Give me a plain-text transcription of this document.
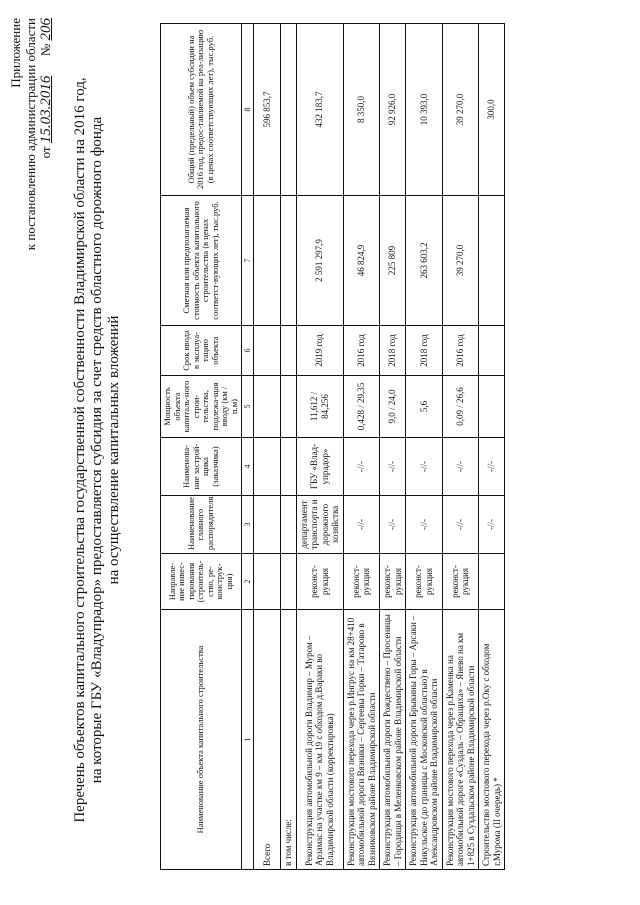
Приложение к постановлению администрации области от 15.03.2016      № 206
Перечень объектов капитального строительства государственной собственности Владимирской области на 2016 год, на которые ГБУ «Владупрадор» предоставляется субсидия за счет средств областного дорожного фонда на осуществление капитальных вложений
Наименование объекта капитального строительства	Направле-ние инвес-тирования (строитель-ство, ре-конструк-ция)	Наименование главного распорядителя	Наименова-ние застрой-щика (заказчика)	Мощность объекта капиталь-ного строи-тельства, подлежа-щая вводу (км / п.м)	Срок ввода в эксплуа-тацию объекта	Сметная или предполагаемая стоимость объекта капитального строительства (в ценах соответст-вующих лет), тыс.руб.	Общий (предельный) объем субсидии на 2016 год, предос-тавляемой на реа-лизацию (в ценах соответствующих лет), тыс.руб.
1	2	3	4	5	6	7	8
Всего							596 853,7
в том числе:							
Реконструкция автомобильной дороги Владимир – Муром – Арзамас на участке км 9 – км 19 с обходом д.Вараки во Владимирской области (корректировка)	реконст-рукция	департамент транспорта и дорожного хозяйства	ГБУ «Влад-упрадор»	11,612 / 84,256	2019 год	2 591 297,9	432 183,7
Реконструкция мостового перехода через р.Ингрус на км 28+410 автомобильной дороги Вязники – Сергеевы Горки – Татарово в Вязниковском районе Владимирской области	реконст-рукция	-//-	-//-	0,428 / 29,35	2016 год	46 824,9	8 350,0
Реконструкция автомобильной дороги Рождествено – Просеницы – Городищи в Меленковском районе Владимирской области	реконст-рукция	-//-	-//-	9,0 / 24,0	2018 год	225 809	92 926,0
Реконструкция автомобильной дороги Брыкины Горы – Арсаки – Никульское (до границы с Московской областью) в Александровском районе Владимирской области	реконст-рукция	-//-	-//-	5,6	2018 год	263 603,2	10 393,0
Реконструкция мостового перехода через р.Каменка на автомобильной дороге «Суздаль – Обращиха» – Янево на км 1+825 в Суздальском районе Владимирской области	реконст-рукция	-//-	-//-	0,09 / 26,6	2016 год	39 270,0	39 270,0
Строительство мостового перехода через р.Оку с обходом г.Мурома (II очередь) *		-//-	-//-				300,0
